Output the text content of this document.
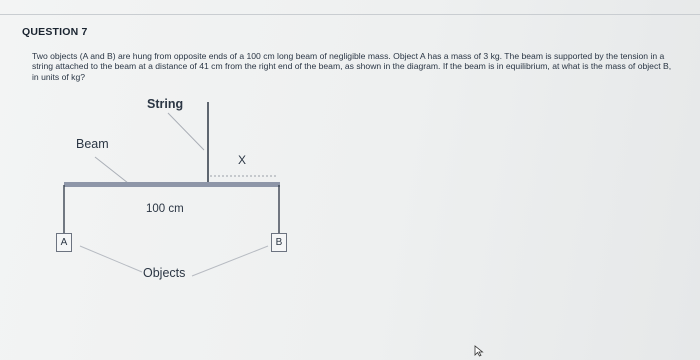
QUESTION 7
Two objects (A and B) are hung from opposite ends of a 100 cm long beam of negligible mass. Object A has a mass of 3 kg. The beam is supported by the tension in a string attached to the beam at a distance of 41 cm from the right end of the beam, as shown in the diagram. If the beam is in equilibrium, at what is the mass of object B, in units of kg?
String
Beam
X
100 cm
Objects
A	B
